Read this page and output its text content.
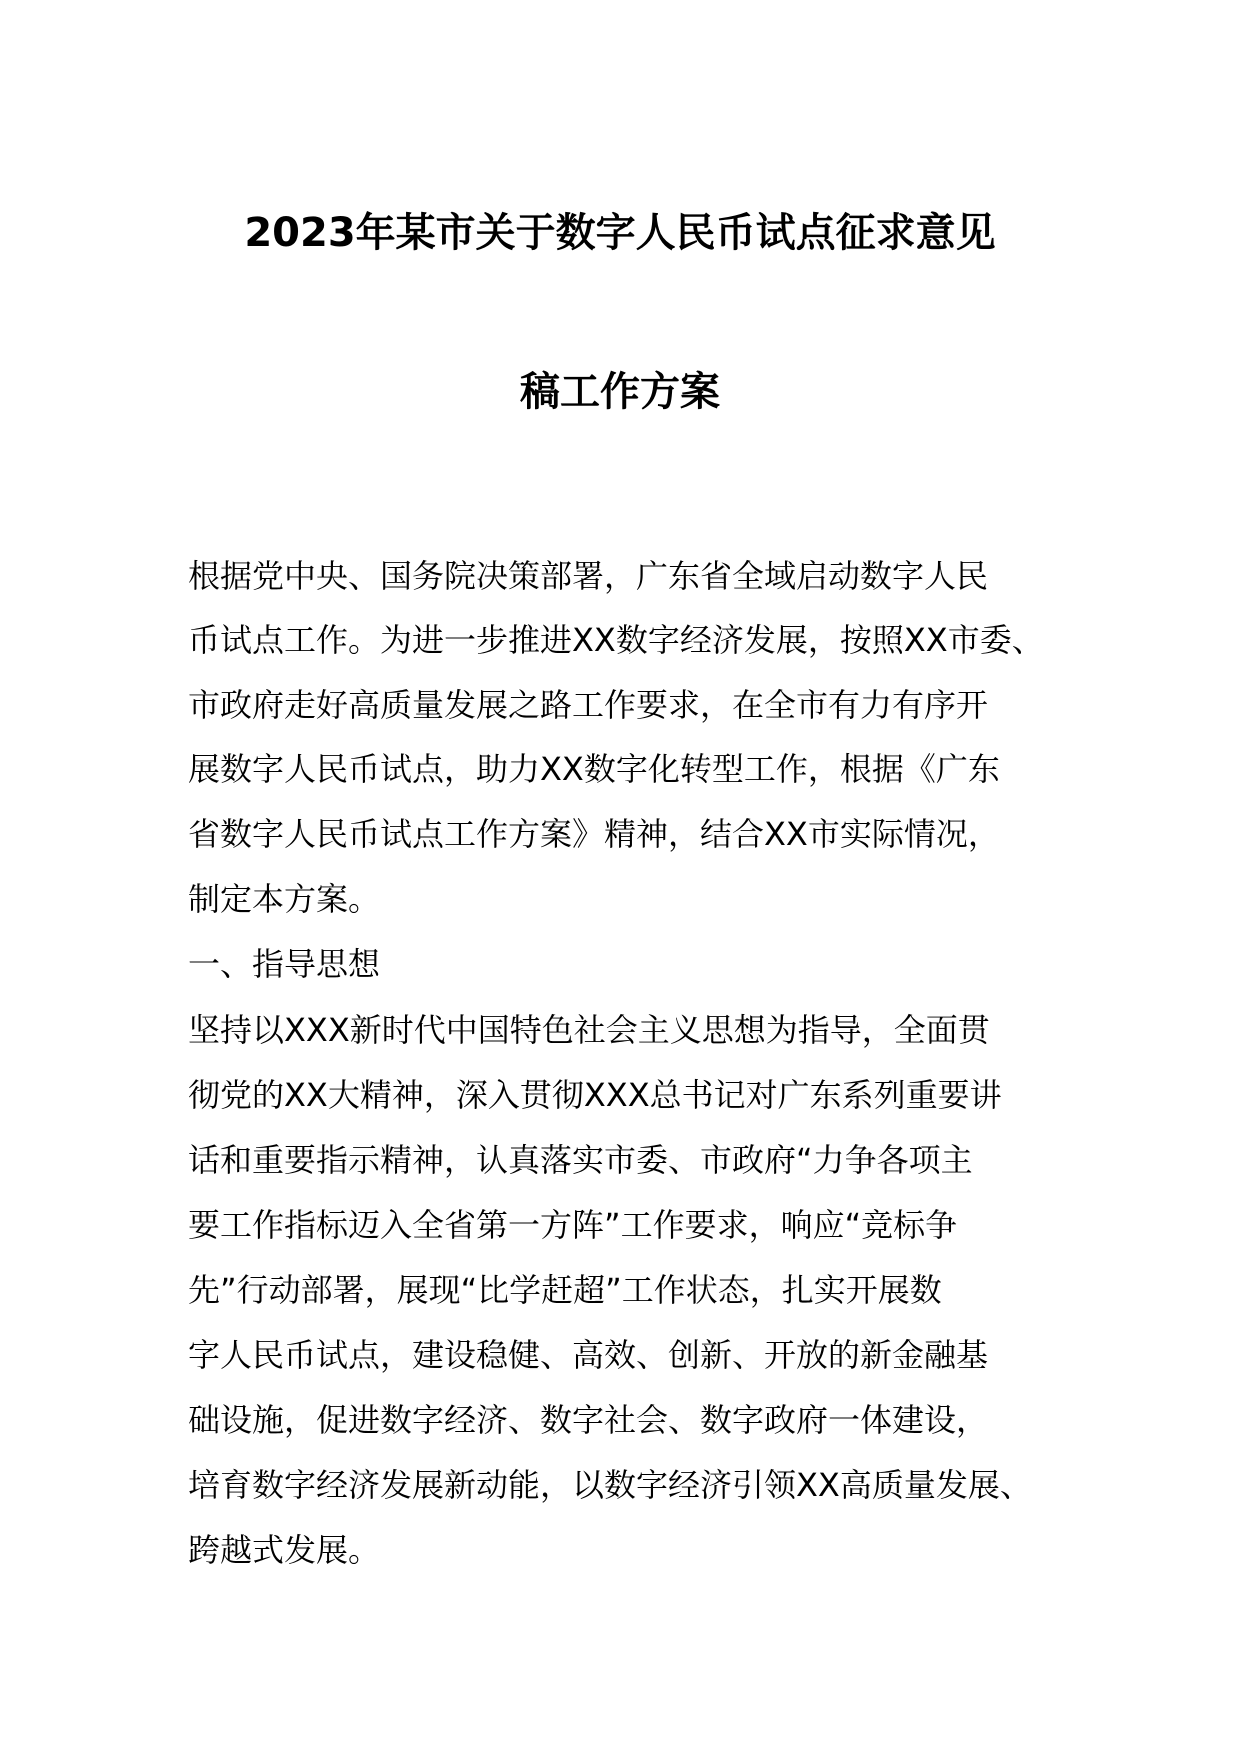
2023年某市关于数字人民币试点征求意见
稿工作方案
根据党中央、国务院决策部署，广东省全域启动数字人民
币试点工作。为进一步推进XX数字经济发展，按照XX市委、
市政府走好高质量发展之路工作要求，在全市有力有序开
展数字人民币试点，助力XX数字化转型工作，根据《广东
省数字人民币试点工作方案》精神，结合XX市实际情况，
制定本方案。
一、指导思想
坚持以XXX新时代中国特色社会主义思想为指导，全面贯
彻党的XX大精神，深入贯彻XXX总书记对广东系列重要讲
话和重要指示精神，认真落实市委、市政府“力争各项主
要工作指标迈入全省第一方阵”工作要求，响应“竞标争
先”行动部署，展现“比学赶超”工作状态，扎实开展数
字人民币试点，建设稳健、高效、创新、开放的新金融基
础设施，促进数字经济、数字社会、数字政府一体建设，
培育数字经济发展新动能，以数字经济引领XX高质量发展、
跨越式发展。
